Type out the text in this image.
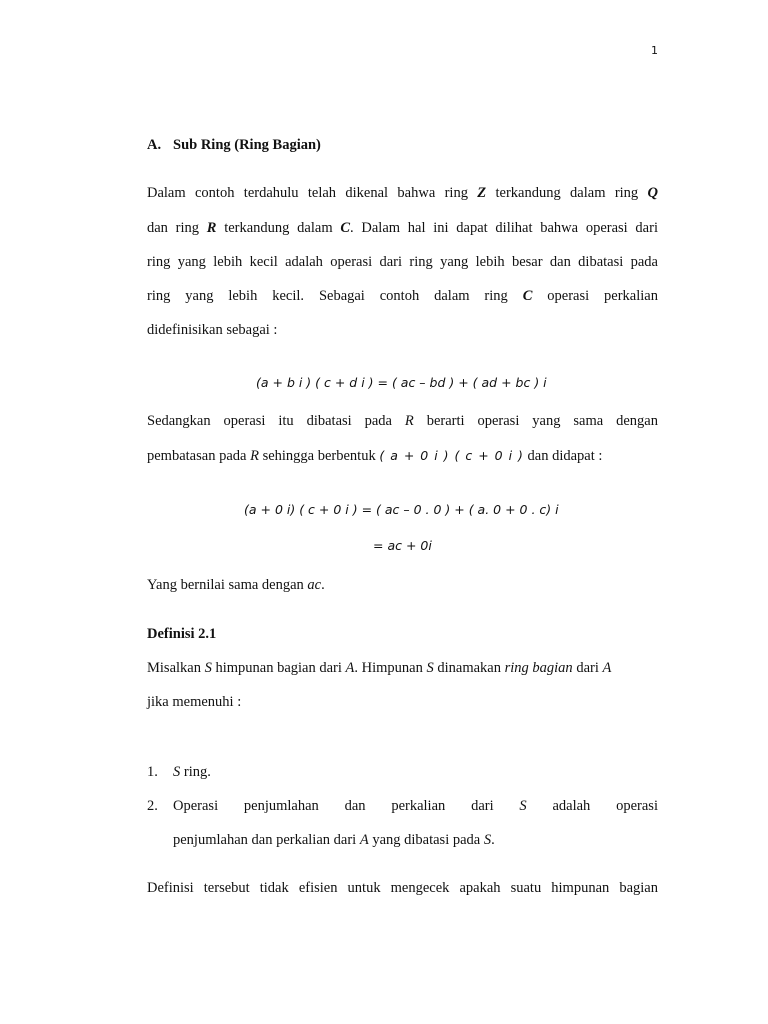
1
A. Sub Ring (Ring Bagian)
Dalam contoh terdahulu telah dikenal bahwa ring Z terkandung dalam ring Q
dan ring R terkandung dalam C. Dalam hal ini dapat dilihat bahwa operasi dari
ring yang lebih kecil adalah operasi dari ring yang lebih besar dan dibatasi pada
ring yang lebih kecil. Sebagai contoh dalam ring C operasi perkalian
didefinisikan sebagai :
(a + b i ) ( c + d i ) = ( ac – bd ) + ( ad + bc ) i
Sedangkan operasi itu dibatasi pada R berarti operasi yang sama dengan
pembatasan pada R sehingga berbentuk ( a + 0 i ) ( c + 0 i ) dan didapat :
(a + 0 i) ( c + 0 i ) = ( ac – 0 . 0 ) + ( a. 0 + 0 . c) i
= ac + 0i
Yang bernilai sama dengan ac.
Definisi 2.1
Misalkan S himpunan bagian dari A. Himpunan S dinamakan ring bagian dari A
jika memenuhi :
1. S ring.
2. Operasi penjumlahan dan perkalian dari S adalah operasi
penjumlahan dan perkalian dari A yang dibatasi pada S.
Definisi tersebut tidak efisien untuk mengecek apakah suatu himpunan bagian
